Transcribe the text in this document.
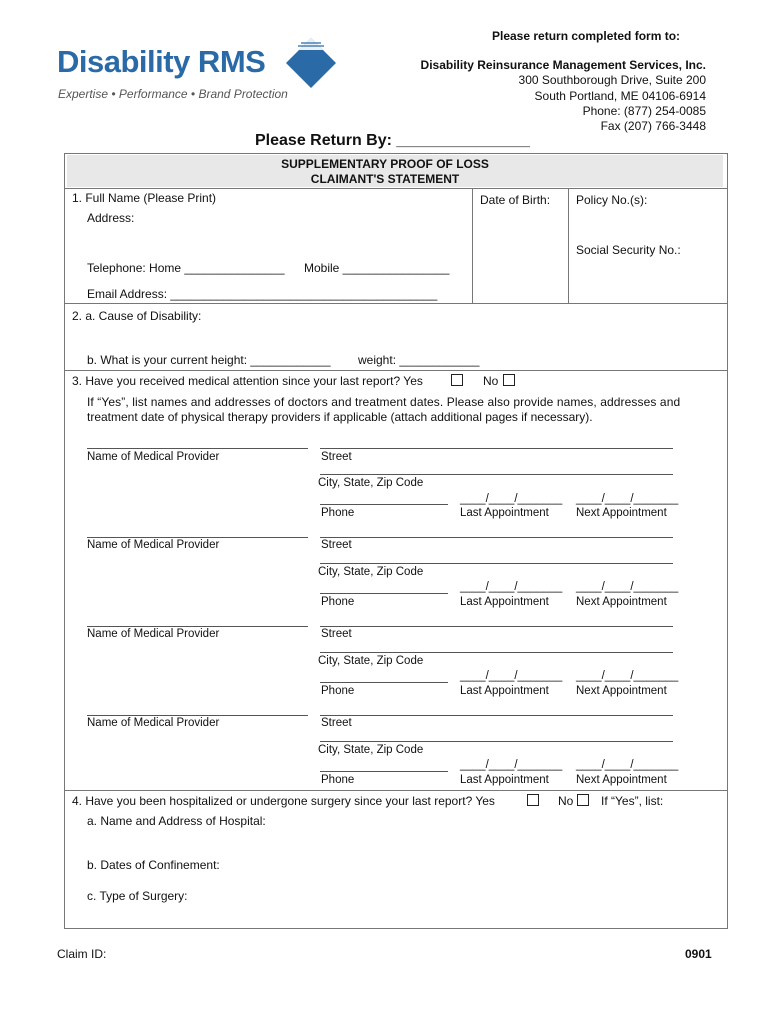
Disability RMS
Expertise • Performance • Brand Protection
Please return completed form to:
Disability Reinsurance Management Services, Inc.
300 Southborough Drive, Suite 200
South Portland, ME 04106-6914
Phone: (877) 254-0085
Fax (207) 766-3448
Please Return By: _______________
SUPPLEMENTARY PROOF OF LOSS
CLAIMANT'S STATEMENT
1. Full Name (Please Print)	Date of Birth: Policy No.(s):
Address:
Social Security No.:
Telephone: Home _______________ Mobile ________________
Email Address: ________________________________________
2. a. Cause of Disability:
b. What is your current height: ____________ weight: ____________
3. Have you received medical attention since your last report? Yes	No
If “Yes”, list names and addresses of doctors and treatment dates. Please also provide names, addresses and
treatment date of physical therapy providers if applicable (attach additional pages if necessary).
Name of Medical Provider	Street
City, State, Zip Code
____/____/_______ ____/____/_______
Phone	Last Appointment Next Appointment
Name of Medical Provider	Street
City, State, Zip Code
____/____/_______ ____/____/_______
Phone	Last Appointment Next Appointment
Name of Medical Provider	Street
City, State, Zip Code
____/____/_______ ____/____/_______
Phone	Last Appointment Next Appointment
Name of Medical Provider	Street
City, State, Zip Code
____/____/_______ ____/____/_______
Phone	Last Appointment Next Appointment
4. Have you been hospitalized or undergone surgery since your last report? Yes	No If “Yes”, list:
a. Name and Address of Hospital:
b. Dates of Confinement:
c. Type of Surgery:
Claim ID:	0901
